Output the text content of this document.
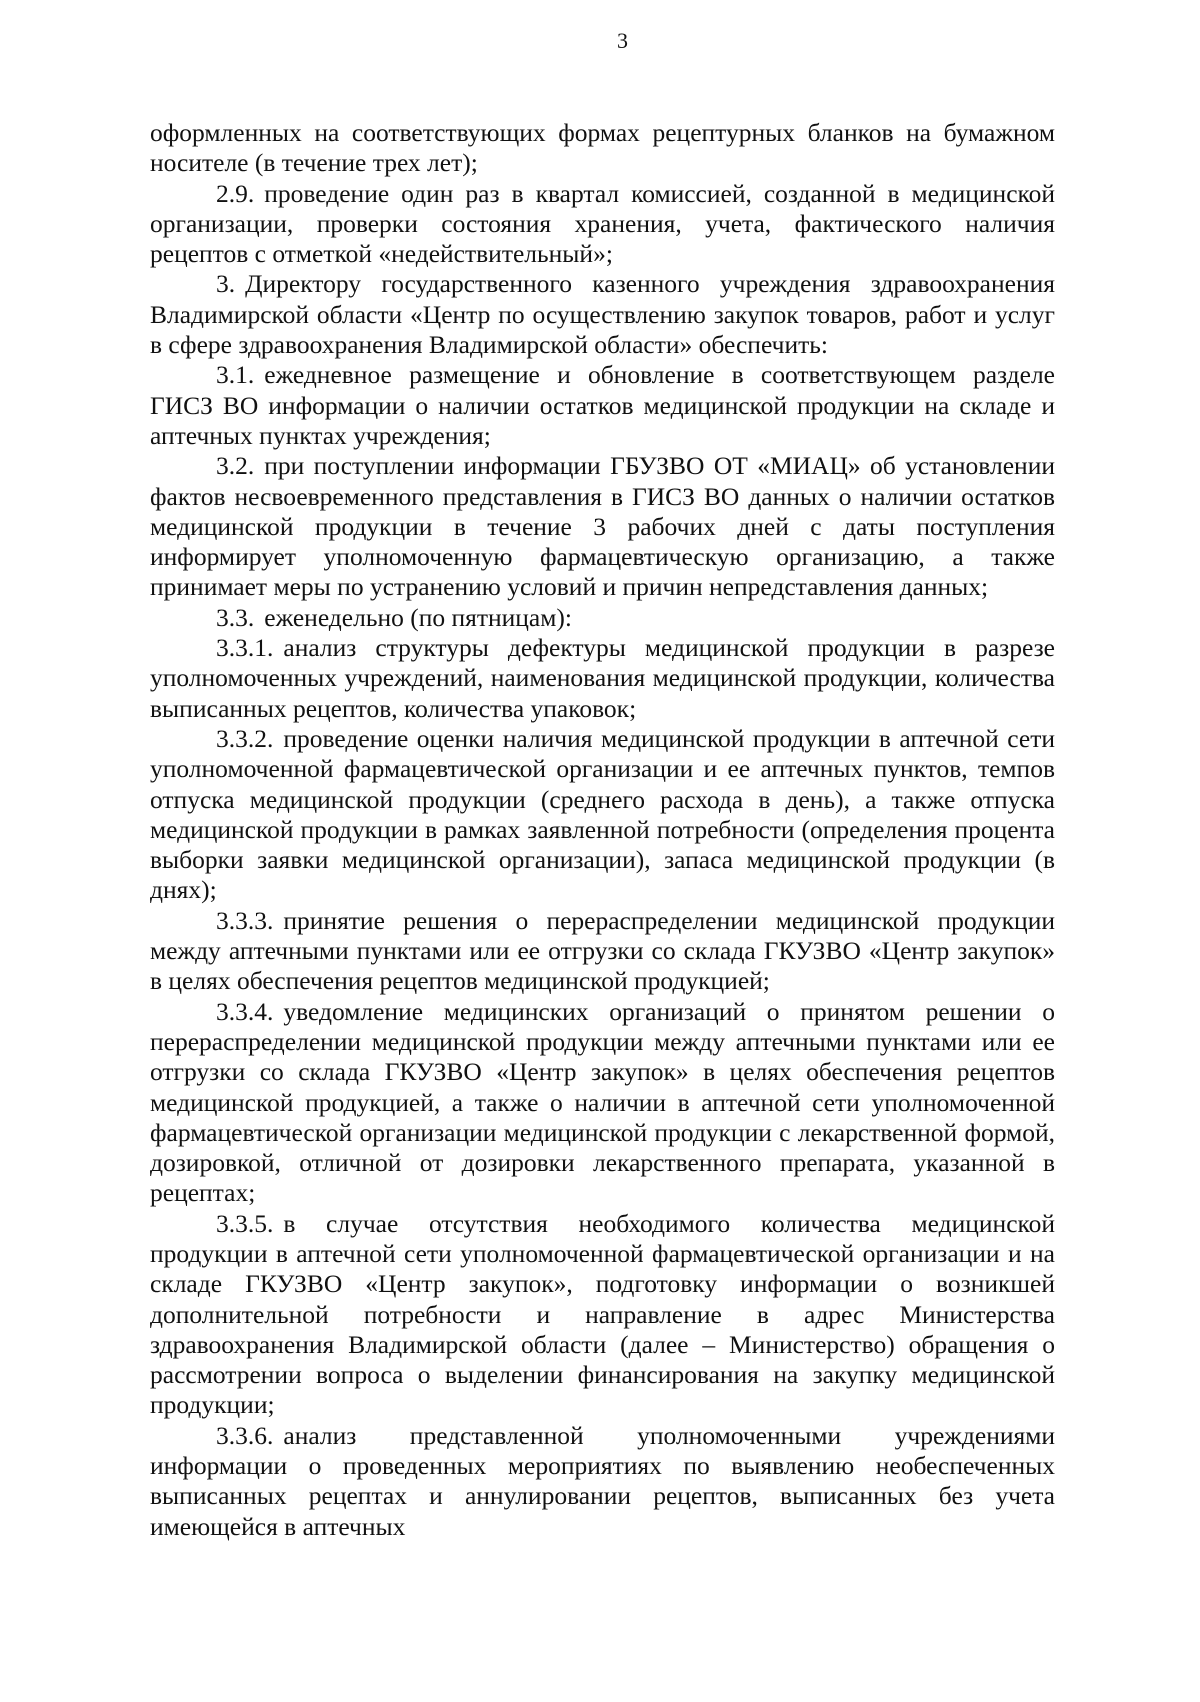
3

оформленных на соответствующих формах рецептурных бланков на бумажном носителе (в течение трех лет);

2.9. проведение один раз в квартал комиссией, созданной в медицинской организации, проверки состояния хранения, учета, фактического наличия рецептов с отметкой «недействительный»;

3. Директору государственного казенного учреждения здравоохранения Владимирской области «Центр по осуществлению закупок товаров, работ и услуг в сфере здравоохранения Владимирской области» обеспечить:

3.1. ежедневное размещение и обновление в соответствующем разделе ГИСЗ ВО информации о наличии остатков медицинской продукции на складе и аптечных пунктах учреждения;

3.2. при поступлении информации ГБУЗВО ОТ «МИАЦ» об установлении фактов несвоевременного представления в ГИСЗ ВО данных о наличии остатков медицинской продукции в течение 3 рабочих дней с даты поступления информирует уполномоченную фармацевтическую организацию, а также принимает меры по устранению условий и причин непредставления данных;

3.3. еженедельно (по пятницам):

3.3.1. анализ структуры дефектуры медицинской продукции в разрезе уполномоченных учреждений, наименования медицинской продукции, количества выписанных рецептов, количества упаковок;

3.3.2. проведение оценки наличия медицинской продукции в аптечной сети уполномоченной фармацевтической организации и ее аптечных пунктов, темпов отпуска медицинской продукции (среднего расхода в день), а также отпуска медицинской продукции в рамках заявленной потребности (определения процента выборки заявки медицинской организации), запаса медицинской продукции (в днях);

3.3.3. принятие решения о перераспределении медицинской продукции между аптечными пунктами или ее отгрузки со склада ГКУЗВО «Центр закупок» в целях обеспечения рецептов медицинской продукцией;

3.3.4. уведомление медицинских организаций о принятом решении о перераспределении медицинской продукции между аптечными пунктами или ее отгрузки со склада ГКУЗВО «Центр закупок» в целях обеспечения рецептов медицинской продукцией, а также о наличии в аптечной сети уполномоченной фармацевтической организации медицинской продукции с лекарственной формой, дозировкой, отличной от дозировки лекарственного препарата, указанной в рецептах;

3.3.5. в случае отсутствия необходимого количества медицинской продукции в аптечной сети уполномоченной фармацевтической организации и на складе ГКУЗВО «Центр закупок», подготовку информации о возникшей дополнительной потребности и направление в адрес Министерства здравоохранения Владимирской области (далее – Министерство) обращения о рассмотрении вопроса о выделении финансирования на закупку медицинской продукции;

3.3.6. анализ представленной уполномоченными учреждениями информации о проведенных мероприятиях по выявлению необеспеченных выписанных рецептах и аннулировании рецептов, выписанных без учета имеющейся в аптечных
